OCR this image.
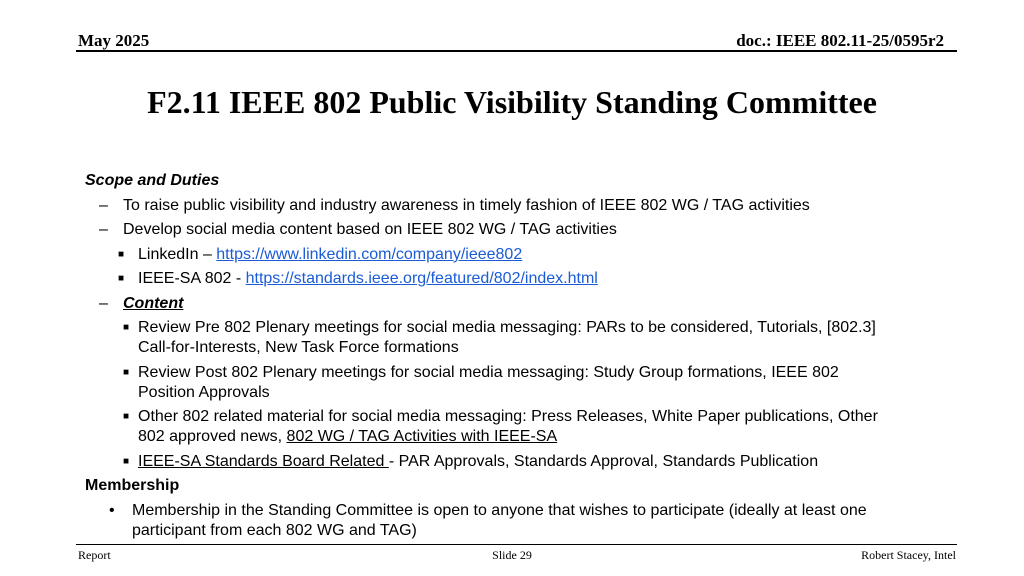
May 2025	doc.: IEEE 802.11-25/0595r2
F2.11 IEEE 802 Public Visibility Standing Committee
Scope and Duties
– To raise public visibility and industry awareness in timely fashion of IEEE 802 WG / TAG activities
– Develop social media content based on IEEE 802 WG / TAG activities
■ LinkedIn – https://www.linkedin.com/company/ieee802
■ IEEE-SA 802 - https://standards.ieee.org/featured/802/index.html
– Content
■ Review Pre 802 Plenary meetings for social media messaging: PARs to be considered, Tutorials, [802.3]
Call-for-Interests, New Task Force formations
■ Review Post 802 Plenary meetings for social media messaging: Study Group formations, IEEE 802
Position Approvals
■ Other 802 related material for social media messaging: Press Releases, White Paper publications, Other
802 approved news, 802 WG / TAG Activities with IEEE-SA
■ IEEE-SA Standards Board Related - PAR Approvals, Standards Approval, Standards Publication
Membership
• Membership in the Standing Committee is open to anyone that wishes to participate (ideally at least one
participant from each 802 WG and TAG)
Report	Slide 29	Robert Stacey, Intel
